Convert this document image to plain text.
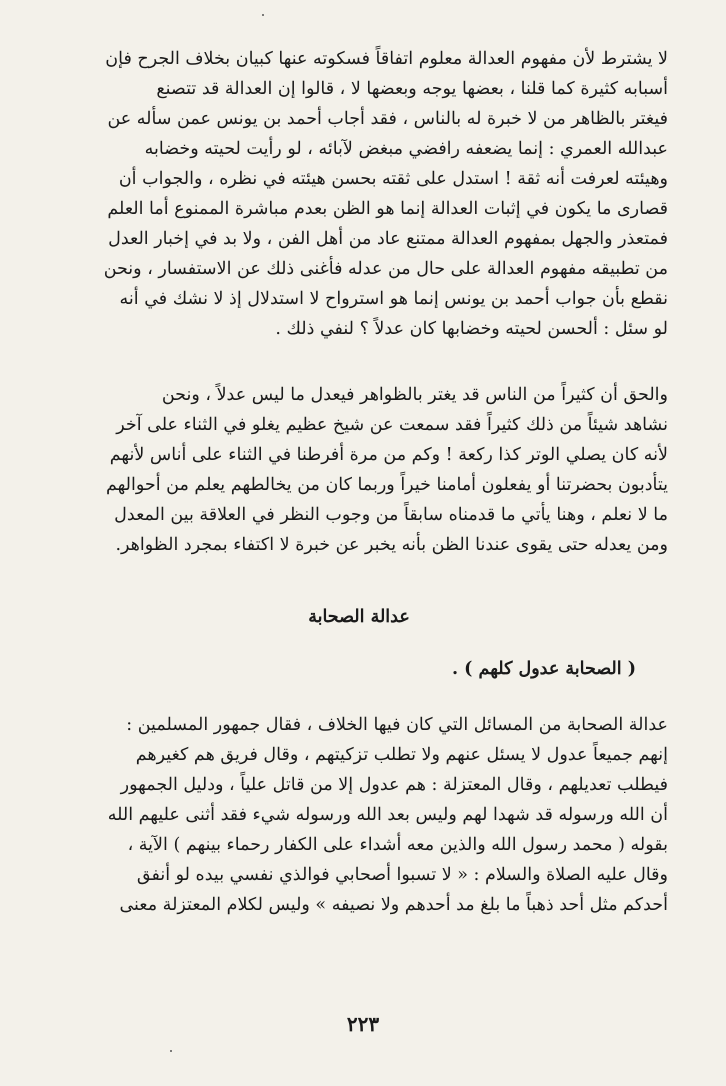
لا يشترط لأن مفهوم العدالة معلوم اتفاقاً فسكوته عنها كبيان بخلاف الجرح فإن
أسبابه كثيرة كما قلنا ، بعضها يوجه وبعضها لا ، قالوا إن العدالة قد تتصنع
فيغتر بالظاهر من لا خبرة له بالناس ، فقد أجاب أحمد بن يونس عمن سأله عن
عبدالله العمري : إنما يضعفه رافضي مبغض لآبائه ، لو رأيت لحيته وخضابه
وهيئته لعرفت أنه ثقة ! استدل على ثقته بحسن هيئته في نظره ، والجواب أن
قصارى ما يكون في إثبات العدالة إنما هو الظن بعدم مباشرة الممنوع أما العلم
فمتعذر والجهل بمفهوم العدالة ممتنع عاد من أهل الفن ، ولا بد في إخبار العدل
من تطبيقه مفهوم العدالة على حال من عدله فأغنى ذلك عن الاستفسار ، ونحن
نقطع بأن جواب أحمد بن يونس إنما هو استرواح لا استدلال إذ لا نشك في أنه
لو سئل : ألحسن لحيته وخضابها كان عدلاً ؟ لنفي ذلك .

والحق أن كثيراً من الناس قد يغتر بالظواهر فيعدل ما ليس عدلاً ، ونحن
نشاهد شيئاً من ذلك كثيراً فقد سمعت عن شيخ عظيم يغلو في الثناء على آخر
لأنه كان يصلي الوتر كذا ركعة ! وكم من مرة أفرطنا في الثناء على أناس لأنهم
يتأدبون بحضرتنا أو يفعلون أمامنا خيراً وربما كان من يخالطهم يعلم من أحوالهم
ما لا نعلم ، وهنا يأتي ما قدمناه سابقاً من وجوب النظر في العلاقة بين المعدل
ومن يعدله حتى يقوى عندنا الظن بأنه يخبر عن خبرة لا اكتفاء بمجرد الظواهر.

عدالة الصحابة

( الصحابة عدول كلهم ) .

عدالة الصحابة من المسائل التي كان فيها الخلاف ، فقال جمهور المسلمين :
إنهم جميعاً عدول لا يسئل عنهم ولا تطلب تزكيتهم ، وقال فريق هم كغيرهم
فيطلب تعديلهم ، وقال المعتزلة : هم عدول إلا من قاتل علياً ، ودليل الجمهور
أن الله ورسوله قد شهدا لهم وليس بعد الله ورسوله شيء فقد أثنى عليهم الله
بقوله ( محمد رسول الله والذين معه أشداء على الكفار رحماء بينهم ) الآية ،
وقال عليه الصلاة والسلام : « لا تسبوا أصحابي فوالذي نفسي بيده لو أنفق
أحدكم مثل أحد ذهباً ما بلغ مد أحدهم ولا نصيفه » وليس لكلام المعتزلة معنى

٢٢٣
